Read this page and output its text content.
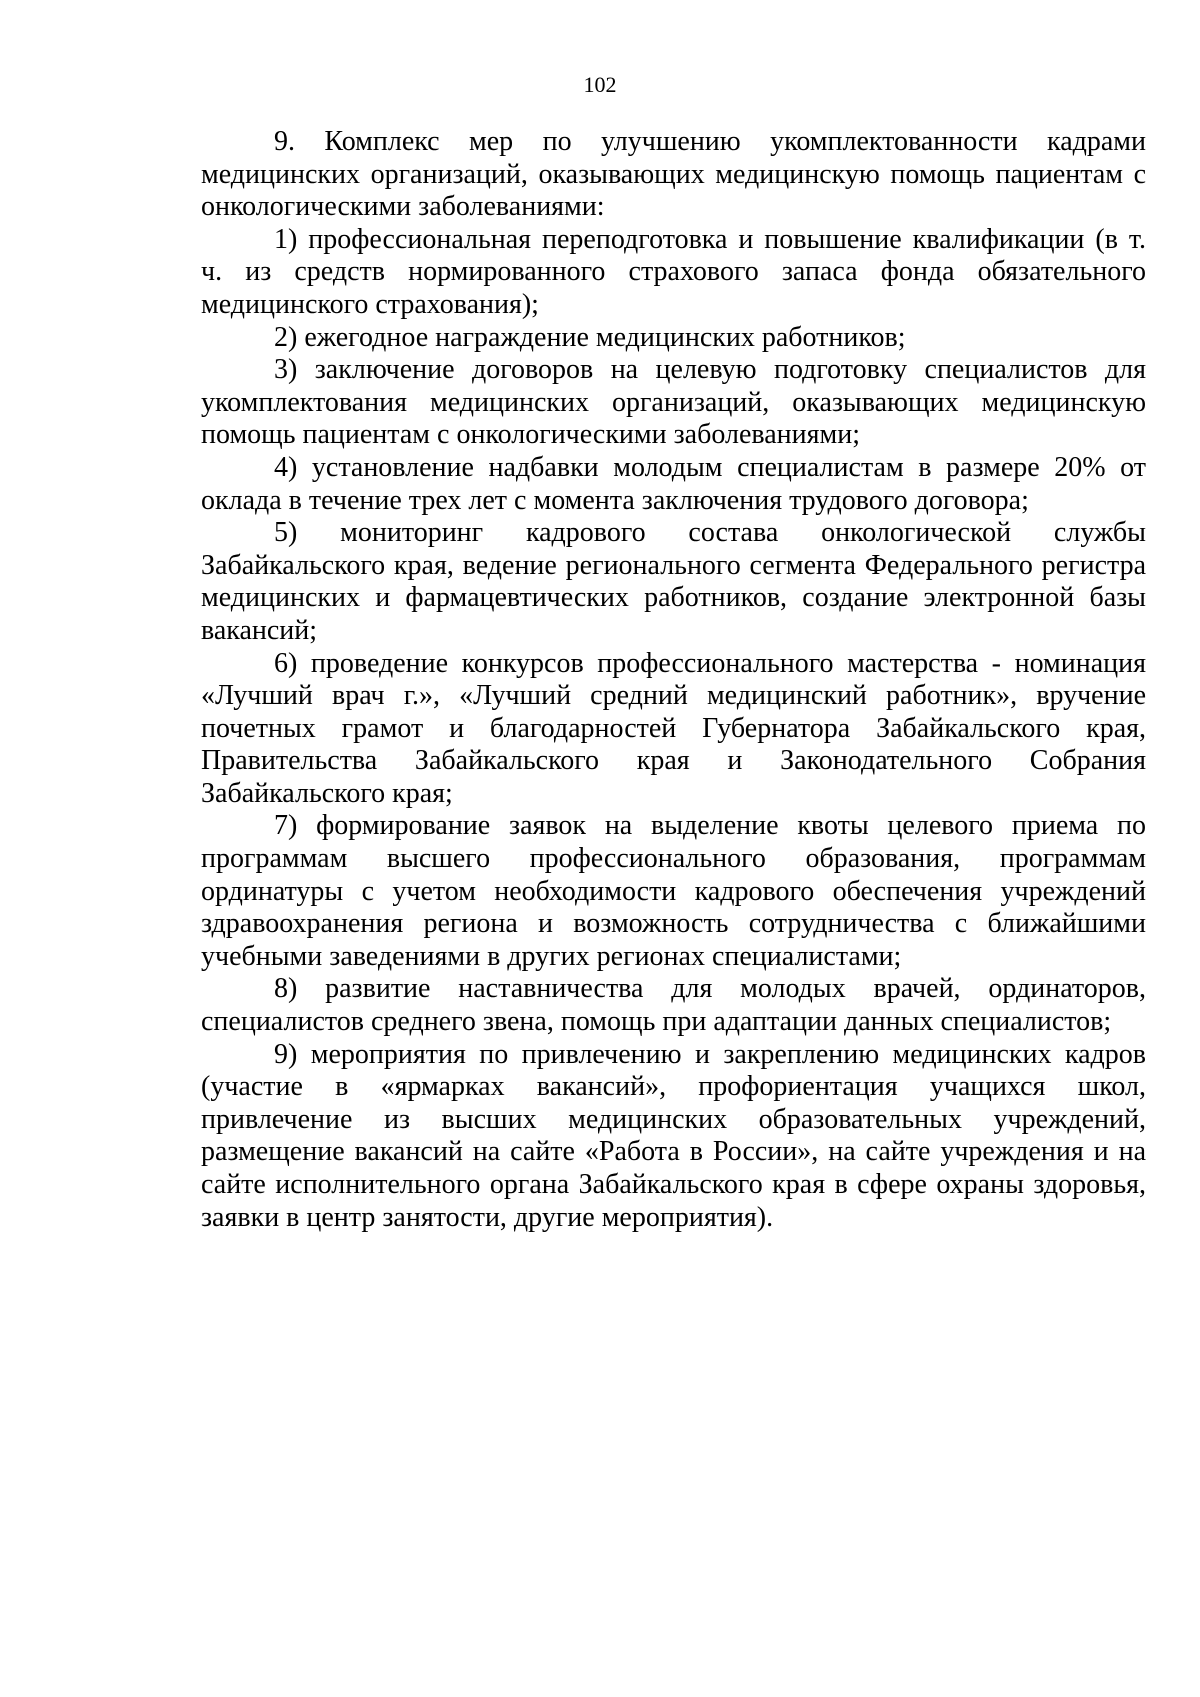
102

9. Комплекс мер по улучшению укомплектованности кадрами медицинских организаций, оказывающих медицинскую помощь пациентам с онкологическими заболеваниями:

1) профессиональная переподготовка и повышение квалификации (в т. ч. из средств нормированного страхового запаса фонда обязательного медицинского страхования);

2) ежегодное награждение медицинских работников;

3) заключение договоров на целевую подготовку специалистов для укомплектования медицинских организаций, оказывающих медицинскую помощь пациентам с онкологическими заболеваниями;

4) установление надбавки молодым специалистам в размере 20% от оклада в течение трех лет с момента заключения трудового договора;

5) мониторинг кадрового состава онкологической службы Забайкальского края, ведение регионального сегмента Федерального регистра медицинских и фармацевтических работников, создание электронной базы вакансий;

6) проведение конкурсов профессионального мастерства - номинация «Лучший врач г.», «Лучший средний медицинский работник», вручение почетных грамот и благодарностей Губернатора Забайкальского края, Правительства Забайкальского края и Законодательного Собрания Забайкальского края;

7) формирование заявок на выделение квоты целевого приема по программам высшего профессионального образования, программам ординатуры с учетом необходимости кадрового обеспечения учреждений здравоохранения региона и возможность сотрудничества с ближайшими учебными заведениями в других регионах специалистами;

8) развитие наставничества для молодых врачей, ординаторов, специалистов среднего звена, помощь при адаптации данных специалистов;

9) мероприятия по привлечению и закреплению медицинских кадров (участие в «ярмарках вакансий», профориентация учащихся школ, привлечение из высших медицинских образовательных учреждений, размещение вакансий на сайте «Работа в России», на сайте учреждения и на сайте исполнительного органа Забайкальского края в сфере охраны здоровья, заявки в центр занятости, другие мероприятия).
